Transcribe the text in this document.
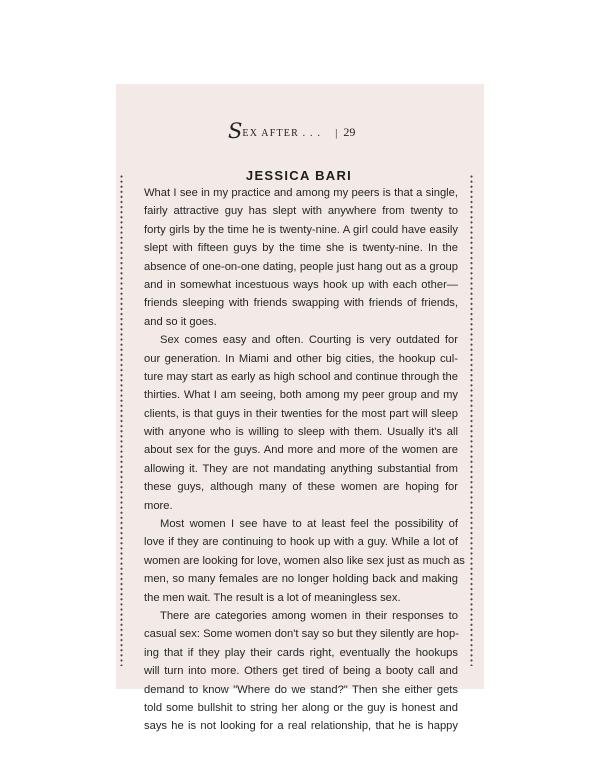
SEX AFTER . . . | 29
JESSICA BARI
What I see in my practice and among my peers is that a single,
fairly attractive guy has slept with anywhere from twenty to
forty girls by the time he is twenty-nine. A girl could have easily
slept with fifteen guys by the time she is twenty-nine. In the
absence of one-on-one dating, people just hang out as a group
and in somewhat incestuous ways hook up with each other—
friends sleeping with friends swapping with friends of friends,
and so it goes.
Sex comes easy and often. Courting is very outdated for
our generation. In Miami and other big cities, the hookup cul-
ture may start as early as high school and continue through the
thirties. What I am seeing, both among my peer group and my
clients, is that guys in their twenties for the most part will sleep
with anyone who is willing to sleep with them. Usually it's all
about sex for the guys. And more and more of the women are
allowing it. They are not mandating anything substantial from
these guys, although many of these women are hoping for
more.
Most women I see have to at least feel the possibility of
love if they are continuing to hook up with a guy. While a lot of
women are looking for love, women also like sex just as much as
men, so many females are no longer holding back and making
the men wait. The result is a lot of meaningless sex.
There are categories among women in their responses to
casual sex: Some women don't say so but they silently are hop-
ing that if they play their cards right, eventually the hookups
will turn into more. Others get tired of being a booty call and
demand to know "Where do we stand?" Then she either gets
told some bullshit to string her along or the guy is honest and
says he is not looking for a real relationship, that he is happy
